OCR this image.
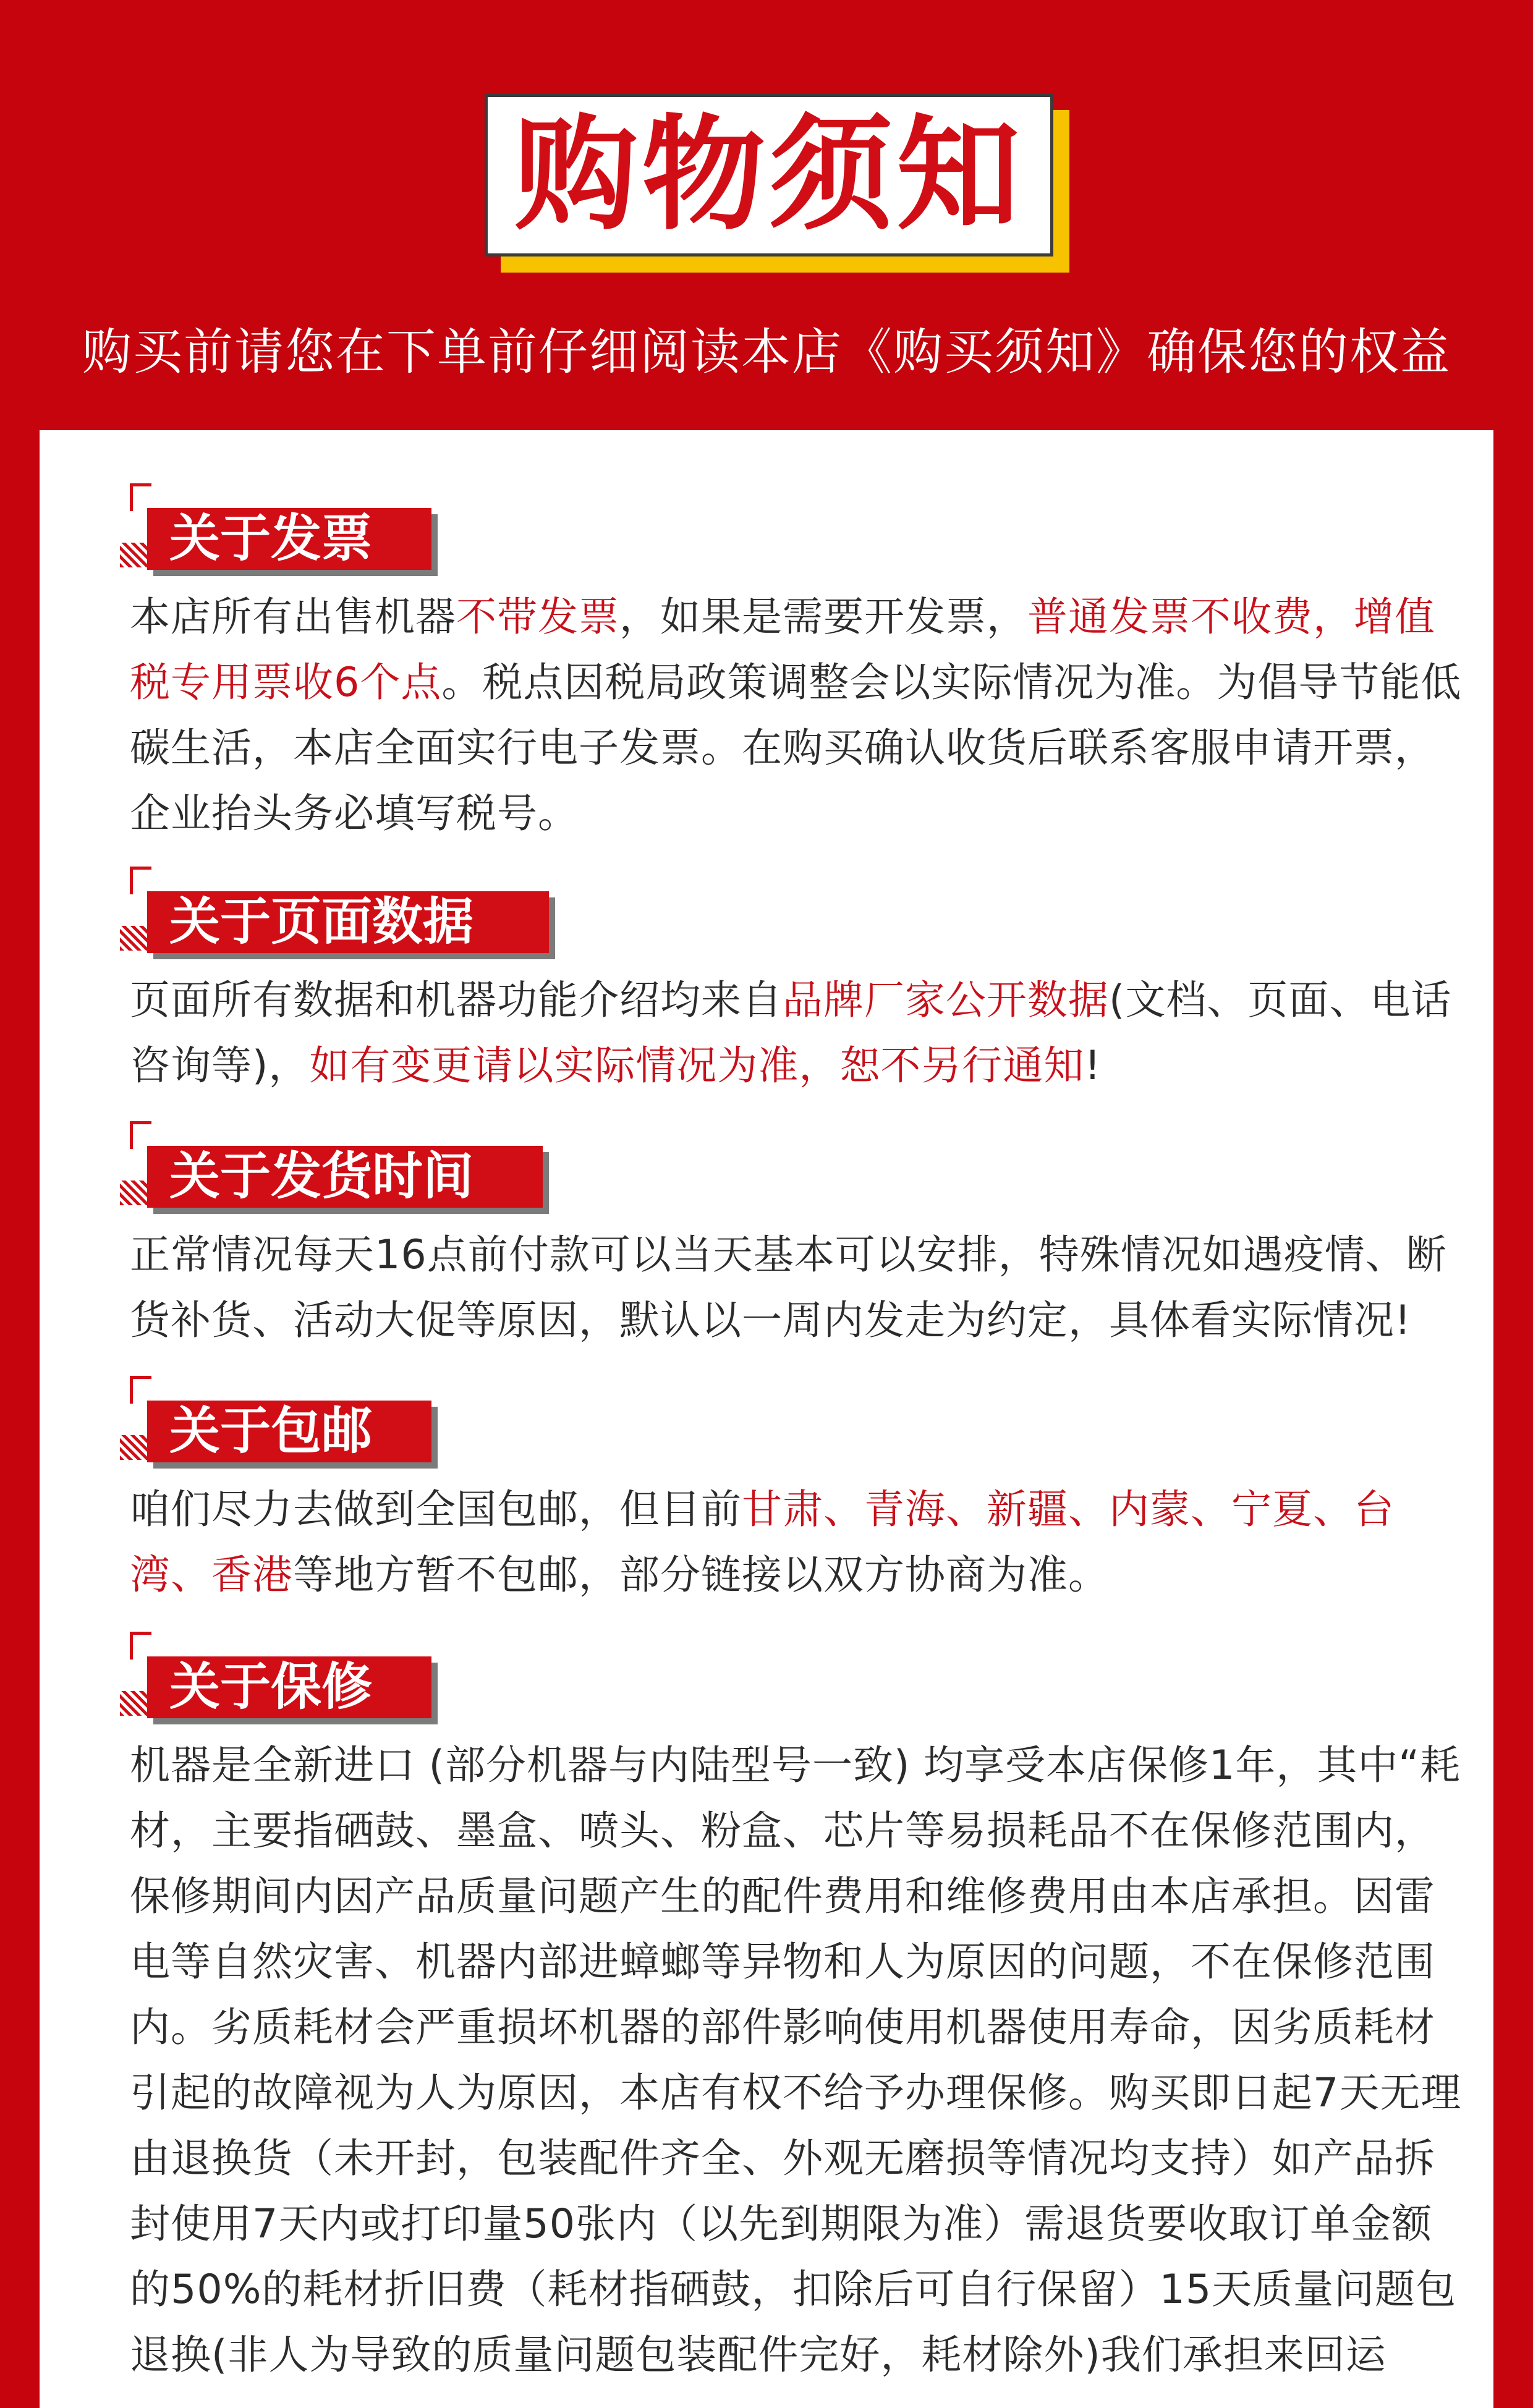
购物须知
购买前请您在下单前仔细阅读本店《购买须知》确保您的权益
关于发票
本店所有出售机器不带发票，如果是需要开发票，普通发票不收费，增值税专用票收6个点。税点因税局政策调整会以实际情况为准。为倡导节能低碳生活，本店全面实行电子发票。在购买确认收货后联系客服申请开票，企业抬头务必填写税号。
关于页面数据
页面所有数据和机器功能介绍均来自品牌厂家公开数据(文档、页面、电话咨询等)，如有变更请以实际情况为准，恕不另行通知!
关于发货时间
正常情况每天16点前付款可以当天基本可以安排，特殊情况如遇疫情、断货补货、活动大促等原因，默认以一周内发走为约定，具体看实际情况!
关于包邮
咱们尽力去做到全国包邮，但目前甘肃、青海、新疆、内蒙、宁夏、台湾、香港等地方暂不包邮，部分链接以双方协商为准。
关于保修
机器是全新进口 (部分机器与内陆型号一致) 均享受本店保修1年，其中“耗材，主要指硒鼓、墨盒、喷头、粉盒、芯片等易损耗品不在保修范围内，保修期间内因产品质量问题产生的配件费用和维修费用由本店承担。因雷电等自然灾害、机器内部进蟑螂等异物和人为原因的问题，不在保修范围内。劣质耗材会严重损坏机器的部件影响使用机器使用寿命，因劣质耗材引起的故障视为人为原因，本店有权不给予办理保修。购买即日起7天无理由退换货（未开封，包装配件齐全、外观无磨损等情况均支持）如产品拆封使用7天内或打印量50张内（以先到期限为准）需退货要收取订单金额的50%的耗材折旧费（耗材指硒鼓，扣除后可自行保留）15天质量问题包退换(非人为导致的质量问题包装配件完好，耗材除外)我们承担来回运
